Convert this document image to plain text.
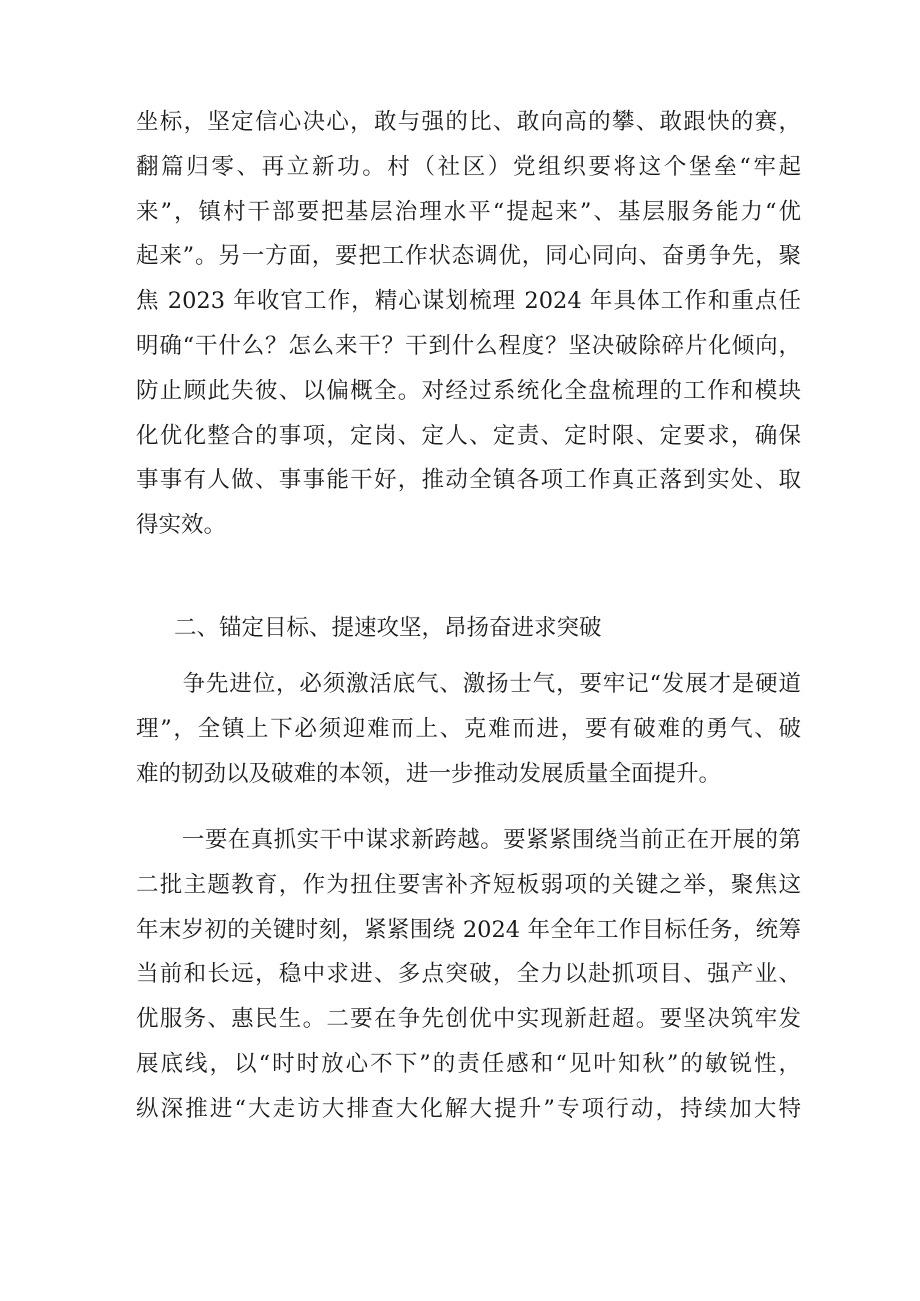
坐标，坚定信心决心，敢与强的比、敢向高的攀、敢跟快的赛，
翻篇归零、再立新功。村（社区）党组织要将这个堡垒“牢起
来”，镇村干部要把基层治理水平“提起来”、基层服务能力“优
起来”。另一方面，要把工作状态调优，同心同向、奋勇争先，聚
焦 2023 年收官工作，精心谋划梳理 2024 年具体工作和重点任
明确“干什么？怎么来干？干到什么程度？坚决破除碎片化倾向，
防止顾此失彼、以偏概全。对经过系统化全盘梳理的工作和模块
化优化整合的事项，定岗、定人、定责、定时限、定要求，确保
事事有人做、事事能干好，推动全镇各项工作真正落到实处、取
得实效。
二、锚定目标、提速攻坚，昂扬奋进求突破
　　争先进位，必须激活底气、激扬士气，要牢记“发展才是硬道
理”，全镇上下必须迎难而上、克难而进，要有破难的勇气、破
难的韧劲以及破难的本领，进一步推动发展质量全面提升。
　　一要在真抓实干中谋求新跨越。要紧紧围绕当前正在开展的第
二批主题教育，作为扭住要害补齐短板弱项的关键之举，聚焦这
年末岁初的关键时刻，紧紧围绕 2024 年全年工作目标任务，统筹
当前和长远，稳中求进、多点突破，全力以赴抓项目、强产业、
优服务、惠民生。二要在争先创优中实现新赶超。要坚决筑牢发
展底线，以“时时放心不下”的责任感和“见叶知秋”的敏锐性，
纵深推进“大走访大排查大化解大提升”专项行动，持续加大特
